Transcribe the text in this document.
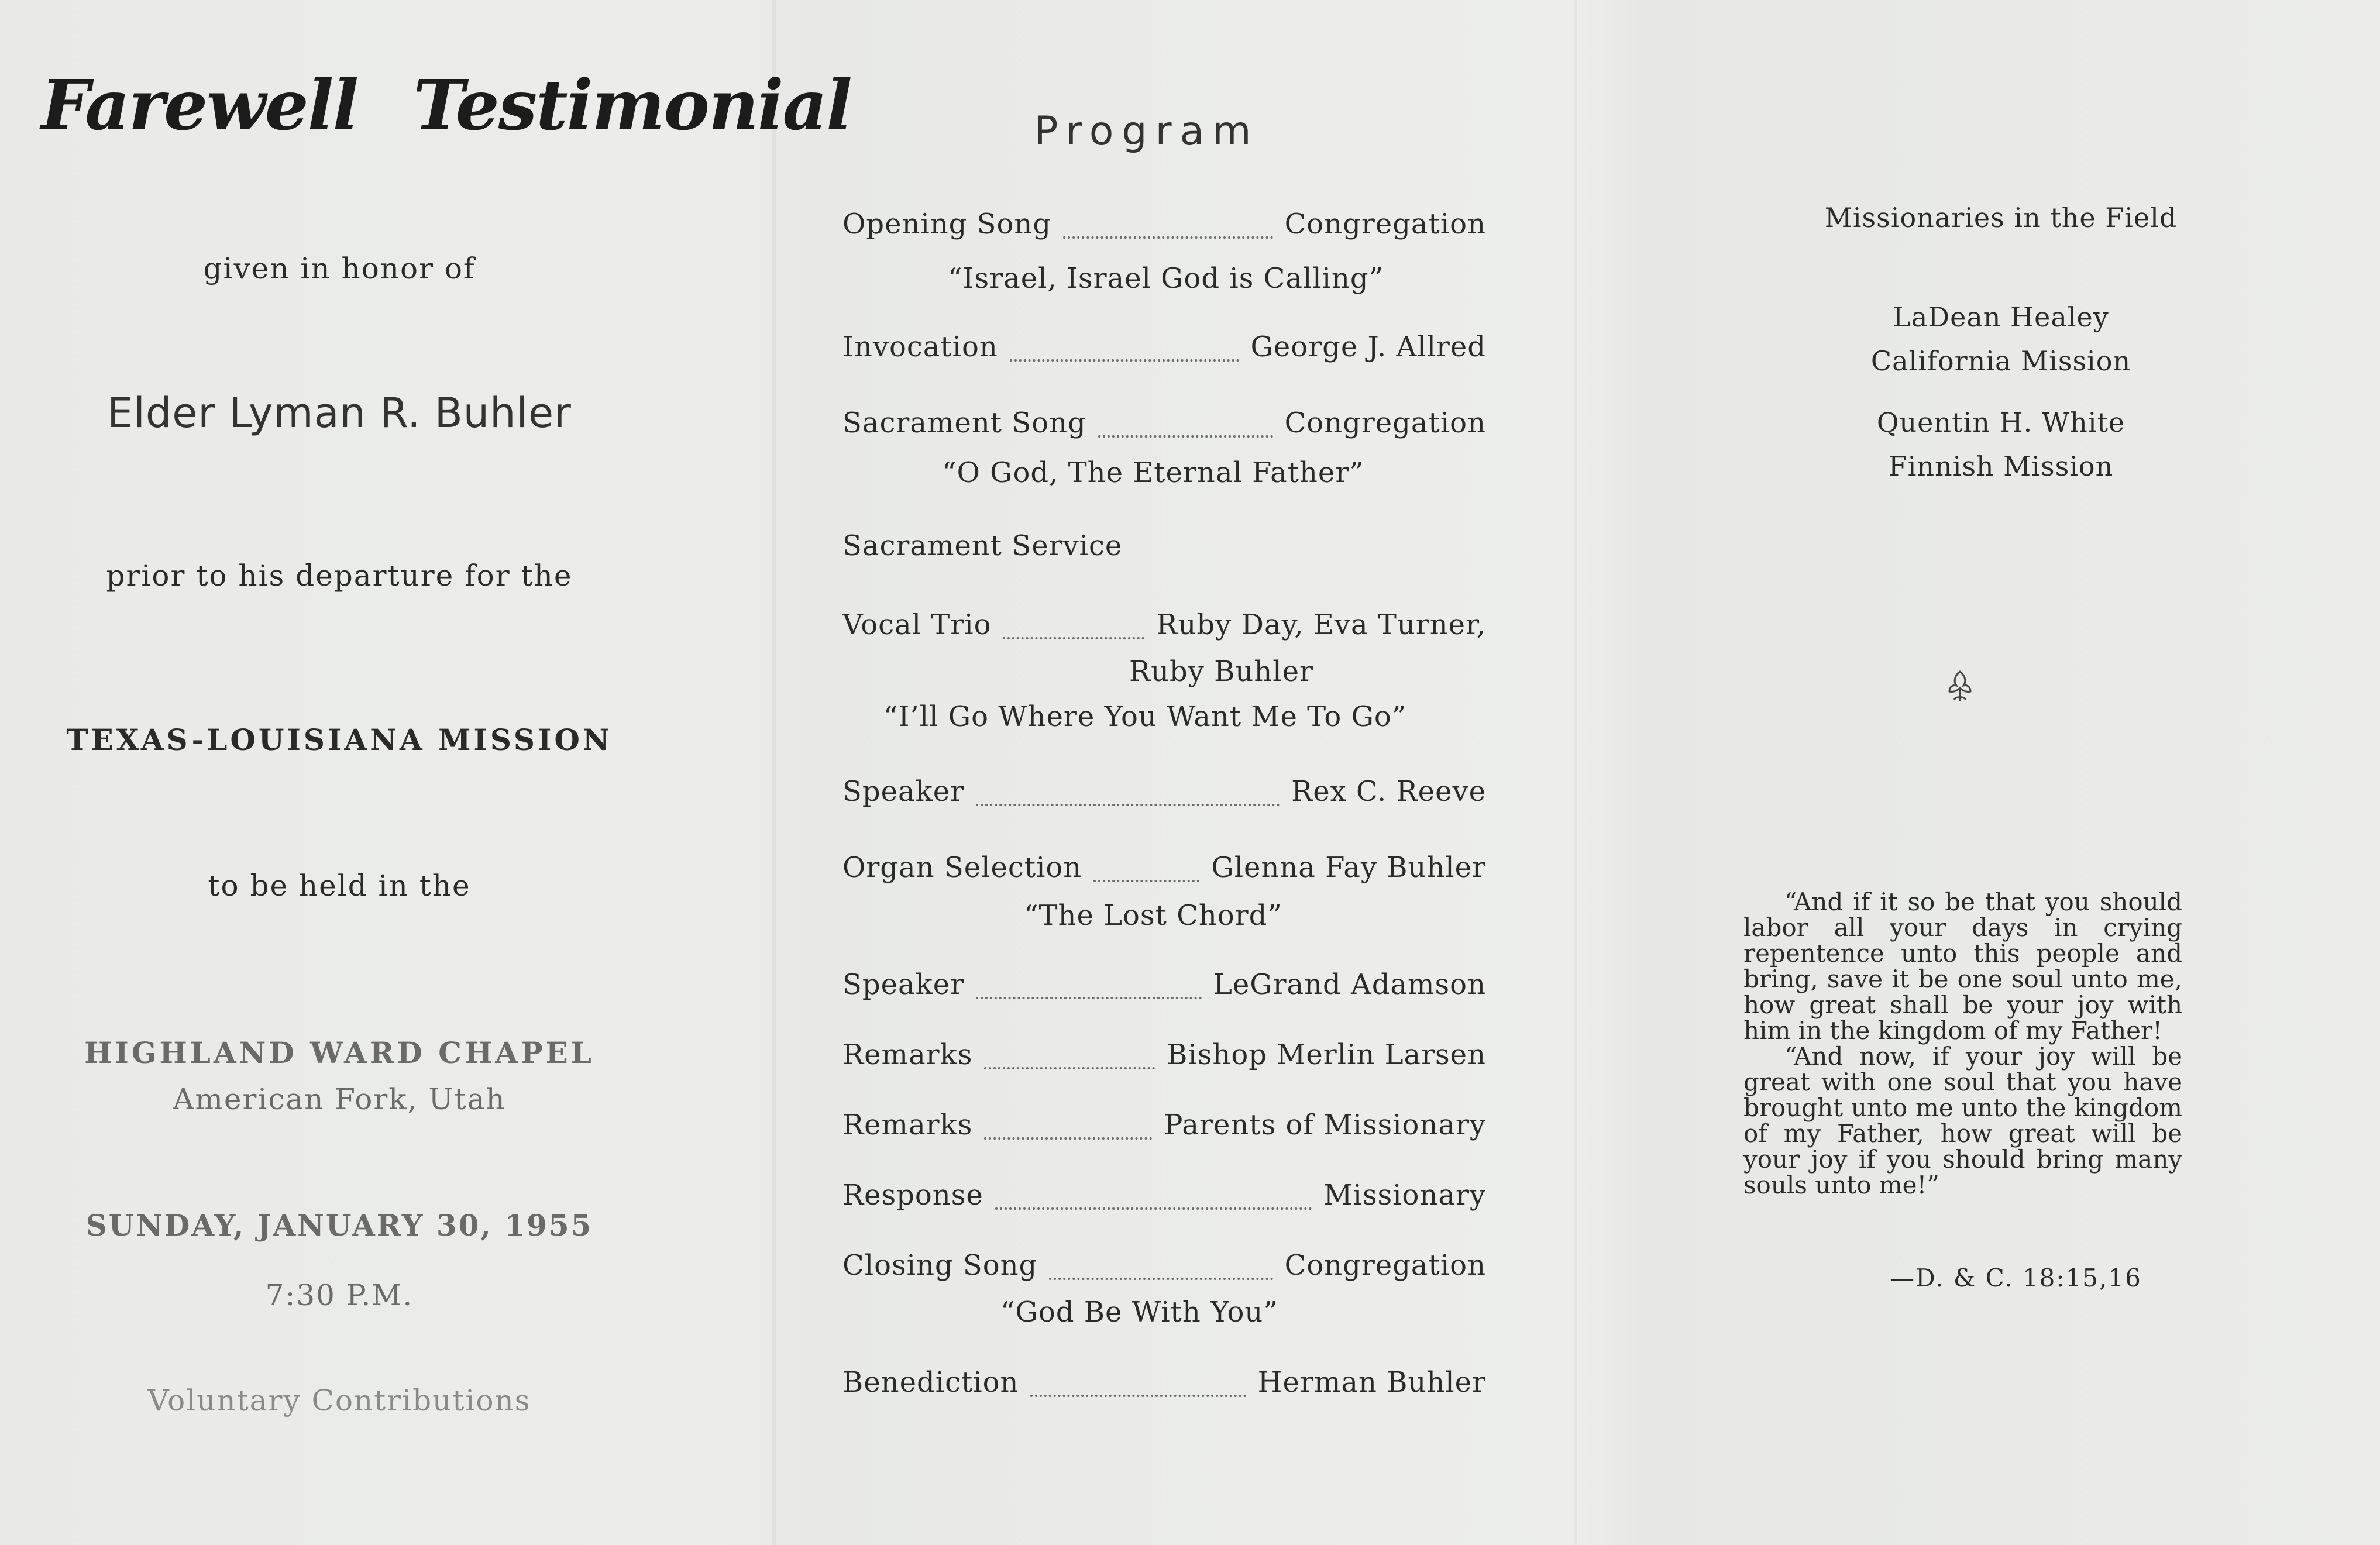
Farewell Testimonial
given in honor of
Elder Lyman R. Buhler
prior to his departure for the
TEXAS-LOUISIANA MISSION
to be held in the
HIGHLAND WARD CHAPEL
American Fork, Utah
SUNDAY, JANUARY 30, 1955
7:30 P.M.
Voluntary Contributions
Program
Opening Song	Congregation
“Israel, Israel God is Calling”
Invocation	George J. Allred
Sacrament Song	Congregation
“O God, The Eternal Father”
Sacrament Service
Vocal Trio	Ruby Day, Eva Turner,
Ruby Buhler
“I’ll Go Where You Want Me To Go”
Speaker	Rex C. Reeve
Organ Selection	Glenna Fay Buhler
“The Lost Chord”
Speaker	LeGrand Adamson
Remarks	Bishop Merlin Larsen
Remarks	Parents of Missionary
Response	Missionary
Closing Song	Congregation
“God Be With You”
Benediction	Herman Buhler
Missionaries in the Field
LaDean Healey
California Mission
Quentin H. White
Finnish Mission

“And if it so be that you should labor all your days in crying repentence unto this people and bring, save it be one soul unto me, how great shall be your joy with him in the kingdom of my Father!

“And now, if your joy will be great with one soul that you have brought unto me unto the kingdom of my Father, how great will be your joy if you should bring many souls unto me!”

—D. & C. 18:15,16
